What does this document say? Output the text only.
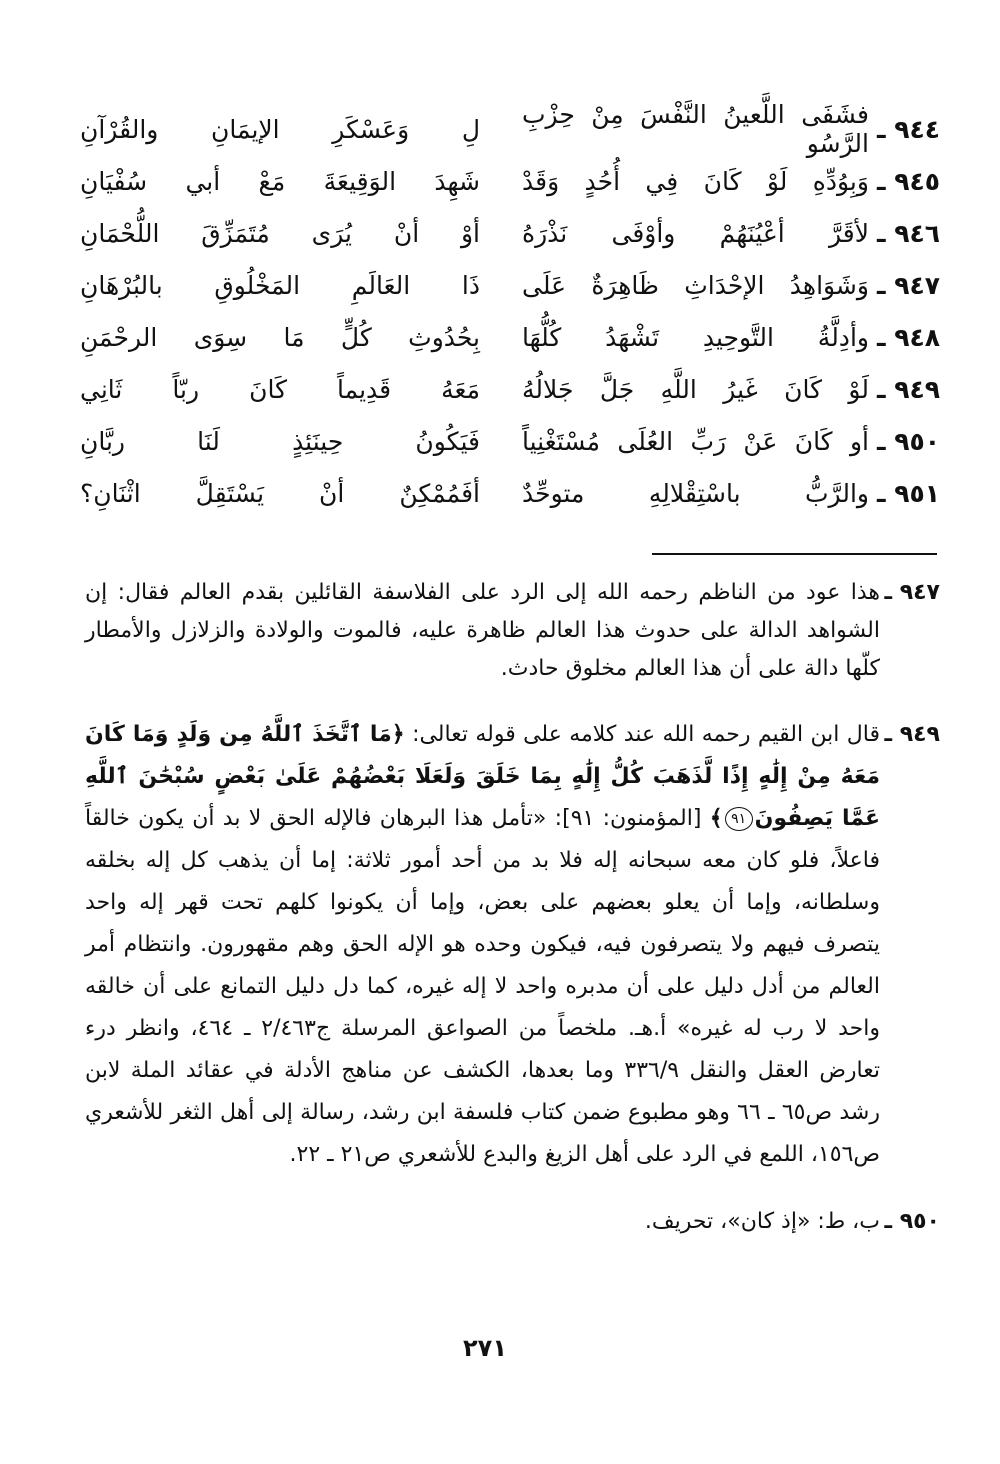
٩٤٤ ـ
فشَفَى اللَّعينُ النَّفْسَ مِنْ حِزْبِ الرَّسُو
لِ وَعَسْكَرِ الإيمَانِ والقُرْآنِ
٩٤٥ ـ
وَبِوُدِّهِ لَوْ كَانَ فِي أُحُدٍ وَقَدْ
شَهِدَ الوَقِيعَةَ مَعْ أبي سُفْيَانِ
٩٤٦ ـ
لأقَرَّ أعْيُنَهُمْ وأوْفَى نَذْرَهُ
أوْ أنْ يُرَى مُتَمَزِّقَ اللُّحْمَانِ
٩٤٧ ـ
وَشَوَاهِدُ الإحْدَاثِ ظَاهِرَةٌ عَلَى
ذَا العَالَمِ المَخْلُوقِ بالبُرْهَانِ
٩٤٨ ـ
وأدِلَّةُ التَّوحِيدِ تَشْهَدُ كُلُّهَا
بِحُدُوثِ كُلٍّ مَا سِوَى الرحْمَنِ
٩٤٩ ـ
لَوْ كَانَ غَيرُ اللَّهِ جَلَّ جَلالُهُ
مَعَهُ قَدِيماً كَانَ ربّاً ثَانِي
٩٥٠ ـ
أو كَانَ عَنْ رَبِّ العُلَى مُسْتَغْنِياً
فَيَكُونُ حِينَئِذٍ لَنَا ربَّانِ
٩٥١ ـ
والرَّبُّ باسْتِقْلالِهِ متوحِّدٌ
أفَمُمْكِنٌ أنْ يَسْتَقِلَّ اثْنَانِ؟
٩٤٧ ـ
هذا عود من الناظم رحمه الله إلى الرد على الفلاسفة القائلين بقدم العالم فقال: إن الشواهد الدالة على حدوث هذا العالم ظاهرة عليه، فالموت والولادة والزلازل والأمطار كلّها دالة على أن هذا العالم مخلوق حادث.
٩٤٩ ـ
قال ابن القيم رحمه الله عند كلامه على قوله تعالى: ﴿مَا ٱتَّخَذَ ٱللَّهُ مِن وَلَدٍ وَمَا كَانَ مَعَهُ مِنْ إِلَٰهٍ إِذًا لَّذَهَبَ كُلُّ إِلَٰهٍ بِمَا خَلَقَ وَلَعَلَا بَعْضُهُمْ عَلَىٰ بَعْضٍ سُبْحَٰنَ ٱللَّهِ عَمَّا يَصِفُونَ٩١﴾ [المؤمنون: ٩١]: «تأمل هذا البرهان فالإله الحق لا بد أن يكون خالقاً فاعلاً، فلو كان معه سبحانه إله فلا بد من أحد أمور ثلاثة: إما أن يذهب كل إله بخلقه وسلطانه، وإما أن يعلو بعضهم على بعض، وإما أن يكونوا كلهم تحت قهر إله واحد يتصرف فيهم ولا يتصرفون فيه، فيكون وحده هو الإله الحق وهم مقهورون. وانتظام أمر العالم من أدل دليل على أن مدبره واحد لا إله غيره، كما دل دليل التمانع على أن خالقه واحد لا رب له غيره» أ.هـ. ملخصاً من الصواعق المرسلة ج٢/٤٦٣ ـ ٤٦٤، وانظر درء تعارض العقل والنقل ٣٣٦/٩ وما بعدها، الكشف عن مناهج الأدلة في عقائد الملة لابن رشد ص٦٥ ـ ٦٦ وهو مطبوع ضمن كتاب فلسفة ابن رشد، رسالة إلى أهل الثغر للأشعري ص١٥٦، اللمع في الرد على أهل الزيغ والبدع للأشعري ص٢١ ـ ٢٢.
٩٥٠ ـ
ب، ط: «إذ كان»، تحريف.
٢٧١
